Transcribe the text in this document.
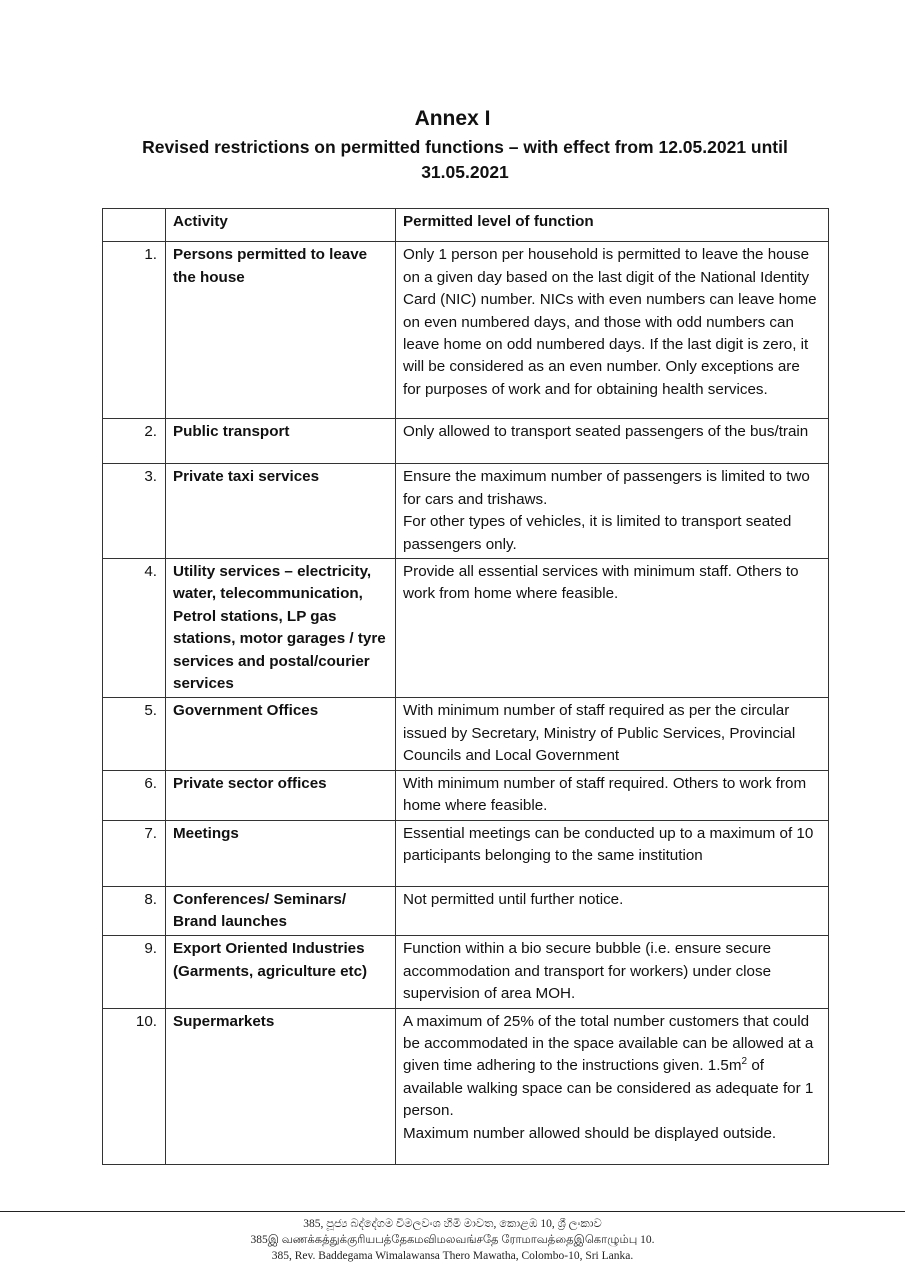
Annex I
Revised restrictions on permitted functions – with effect from 12.05.2021 until 31.05.2021
	Activity	Permitted level of function
1.	Persons permitted to leave the house	Only 1 person per household is permitted to leave the house on a given day based on the last digit of the National Identity Card (NIC) number. NICs with even numbers can leave home on even numbered days, and those with odd numbers can leave home on odd numbered days. If the last digit is zero, it will be considered as an even number. Only exceptions are for purposes of work and for obtaining health services.
2.	Public transport	Only allowed to transport seated passengers of the bus/train
3.	Private taxi services	Ensure the maximum number of passengers is limited to two for cars and trishaws.
For other types of vehicles, it is limited to transport seated passengers only.

4.	Utility services – electricity, water, telecommunication, Petrol stations, LP gas stations, motor garages / tyre services and postal/courier services	Provide all essential services with minimum staff. Others to work from home where feasible.
5.	Government Offices	With minimum number of staff required as per the circular issued by Secretary, Ministry of Public Services, Provincial Councils and Local Government
6.	Private sector offices	With minimum number of staff required. Others to work from home where feasible.
7.	Meetings	Essential meetings can be conducted up to a maximum of 10 participants belonging to the same institution
8.	Conferences/ Seminars/ Brand launches	Not permitted until further notice.
9.	Export Oriented Industries (Garments, agriculture etc)	Function within a bio secure bubble (i.e. ensure secure accommodation and transport for workers) under close supervision of area MOH.
10.	Supermarkets	A maximum of 25% of the total number customers that could be accommodated in the space available can be allowed at a given time adhering to the instructions given. $1.5m^2$ of available walking space can be considered as adequate for 1 person.
Maximum number allowed should be displayed outside.
385, පූජ්‍ය බද්දේගම විමලවංශ හිමි මාවත, කොළඹ 10, ශ්‍රී ලංකාව
385இ வணக்கத்துக்குரியபத்தேகமவிமலவங்சதே ரோமாவத்தைஇகொழும்பு 10.
385, Rev. Baddegama Wimalawansa Thero Mawatha, Colombo-10, Sri Lanka.
